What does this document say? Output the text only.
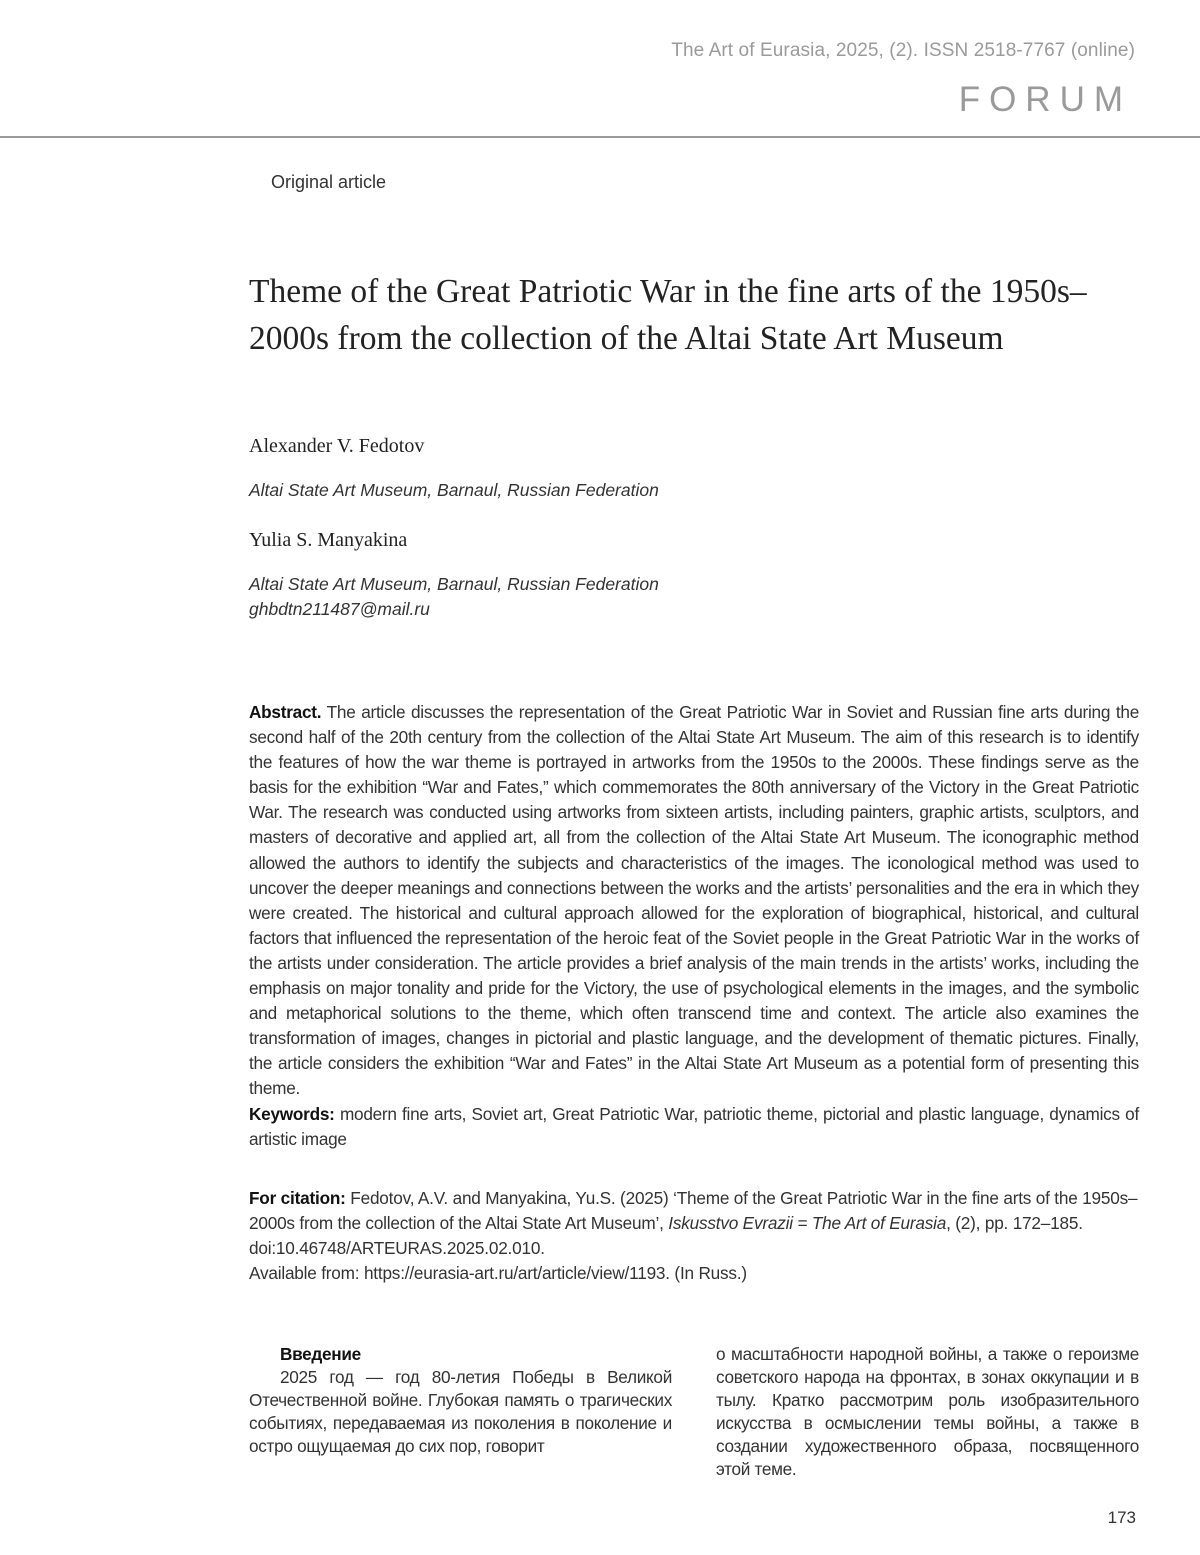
The Art of Eurasia, 2025, (2). ISSN 2518-7767 (online)
FORUM
Original article
Theme of the Great Patriotic War in the fine arts of the 1950s–2000s from the collection of the Altai State Art Museum
Alexander V. Fedotov
Altai State Art Museum, Barnaul, Russian Federation
Yulia S. Manyakina
Altai State Art Museum, Barnaul, Russian Federation
ghbdtn211487@mail.ru
Abstract. The article discusses the representation of the Great Patriotic War in Soviet and Russian fine arts during the second half of the 20th century from the collection of the Altai State Art Museum. The aim of this research is to identify the features of how the war theme is portrayed in artworks from the 1950s to the 2000s. These findings serve as the basis for the exhibition “War and Fates,” which commemorates the 80th anniversary of the Victory in the Great Patriotic War. The research was conducted using artworks from sixteen artists, including painters, graphic artists, sculptors, and masters of decorative and applied art, all from the collection of the Altai State Art Museum. The iconographic method allowed the authors to identify the subjects and characteristics of the images. The iconological method was used to uncover the deeper meanings and connections between the works and the artists’ personalities and the era in which they were created. The historical and cultural approach allowed for the exploration of biographical, historical, and cultural factors that influenced the representation of the heroic feat of the Soviet people in the Great Patriotic War in the works of the artists under consideration. The article provides a brief analysis of the main trends in the artists’ works, including the emphasis on major tonality and pride for the Victory, the use of psychological elements in the images, and the symbolic and metaphorical solutions to the theme, which often transcend time and context. The article also examines the transformation of images, changes in pictorial and plastic language, and the development of thematic pictures. Finally, the article considers the exhibition “War and Fates” in the Altai State Art Museum as a potential form of presenting this theme.
Keywords: modern fine arts, Soviet art, Great Patriotic War, patriotic theme, pictorial and plastic language, dynamics of artistic image
For citation: Fedotov, A.V. and Manyakina, Yu.S. (2025) ‘Theme of the Great Patriotic War in the fine arts of the 1950s–2000s from the collection of the Altai State Art Museum’, Iskusstvo Evrazii = The Art of Eurasia, (2), pp. 172–185. doi:10.46748/ARTEURAS.2025.02.010.
Available from: https://eurasia-art.ru/art/article/view/1193. (In Russ.)
Введение
2025 год — год 80-летия Победы в Великой Отечественной войне. Глубокая память о трагических событиях, передаваемая из поколения в поколение и остро ощущаемая до сих пор, говорит
о масштабности народной войны, а также о героизме советского народа на фронтах, в зонах оккупации и в тылу. Кратко рассмотрим роль изобразительного искусства в осмыслении темы войны, а также в создании художественного образа, посвященного этой теме.
173
